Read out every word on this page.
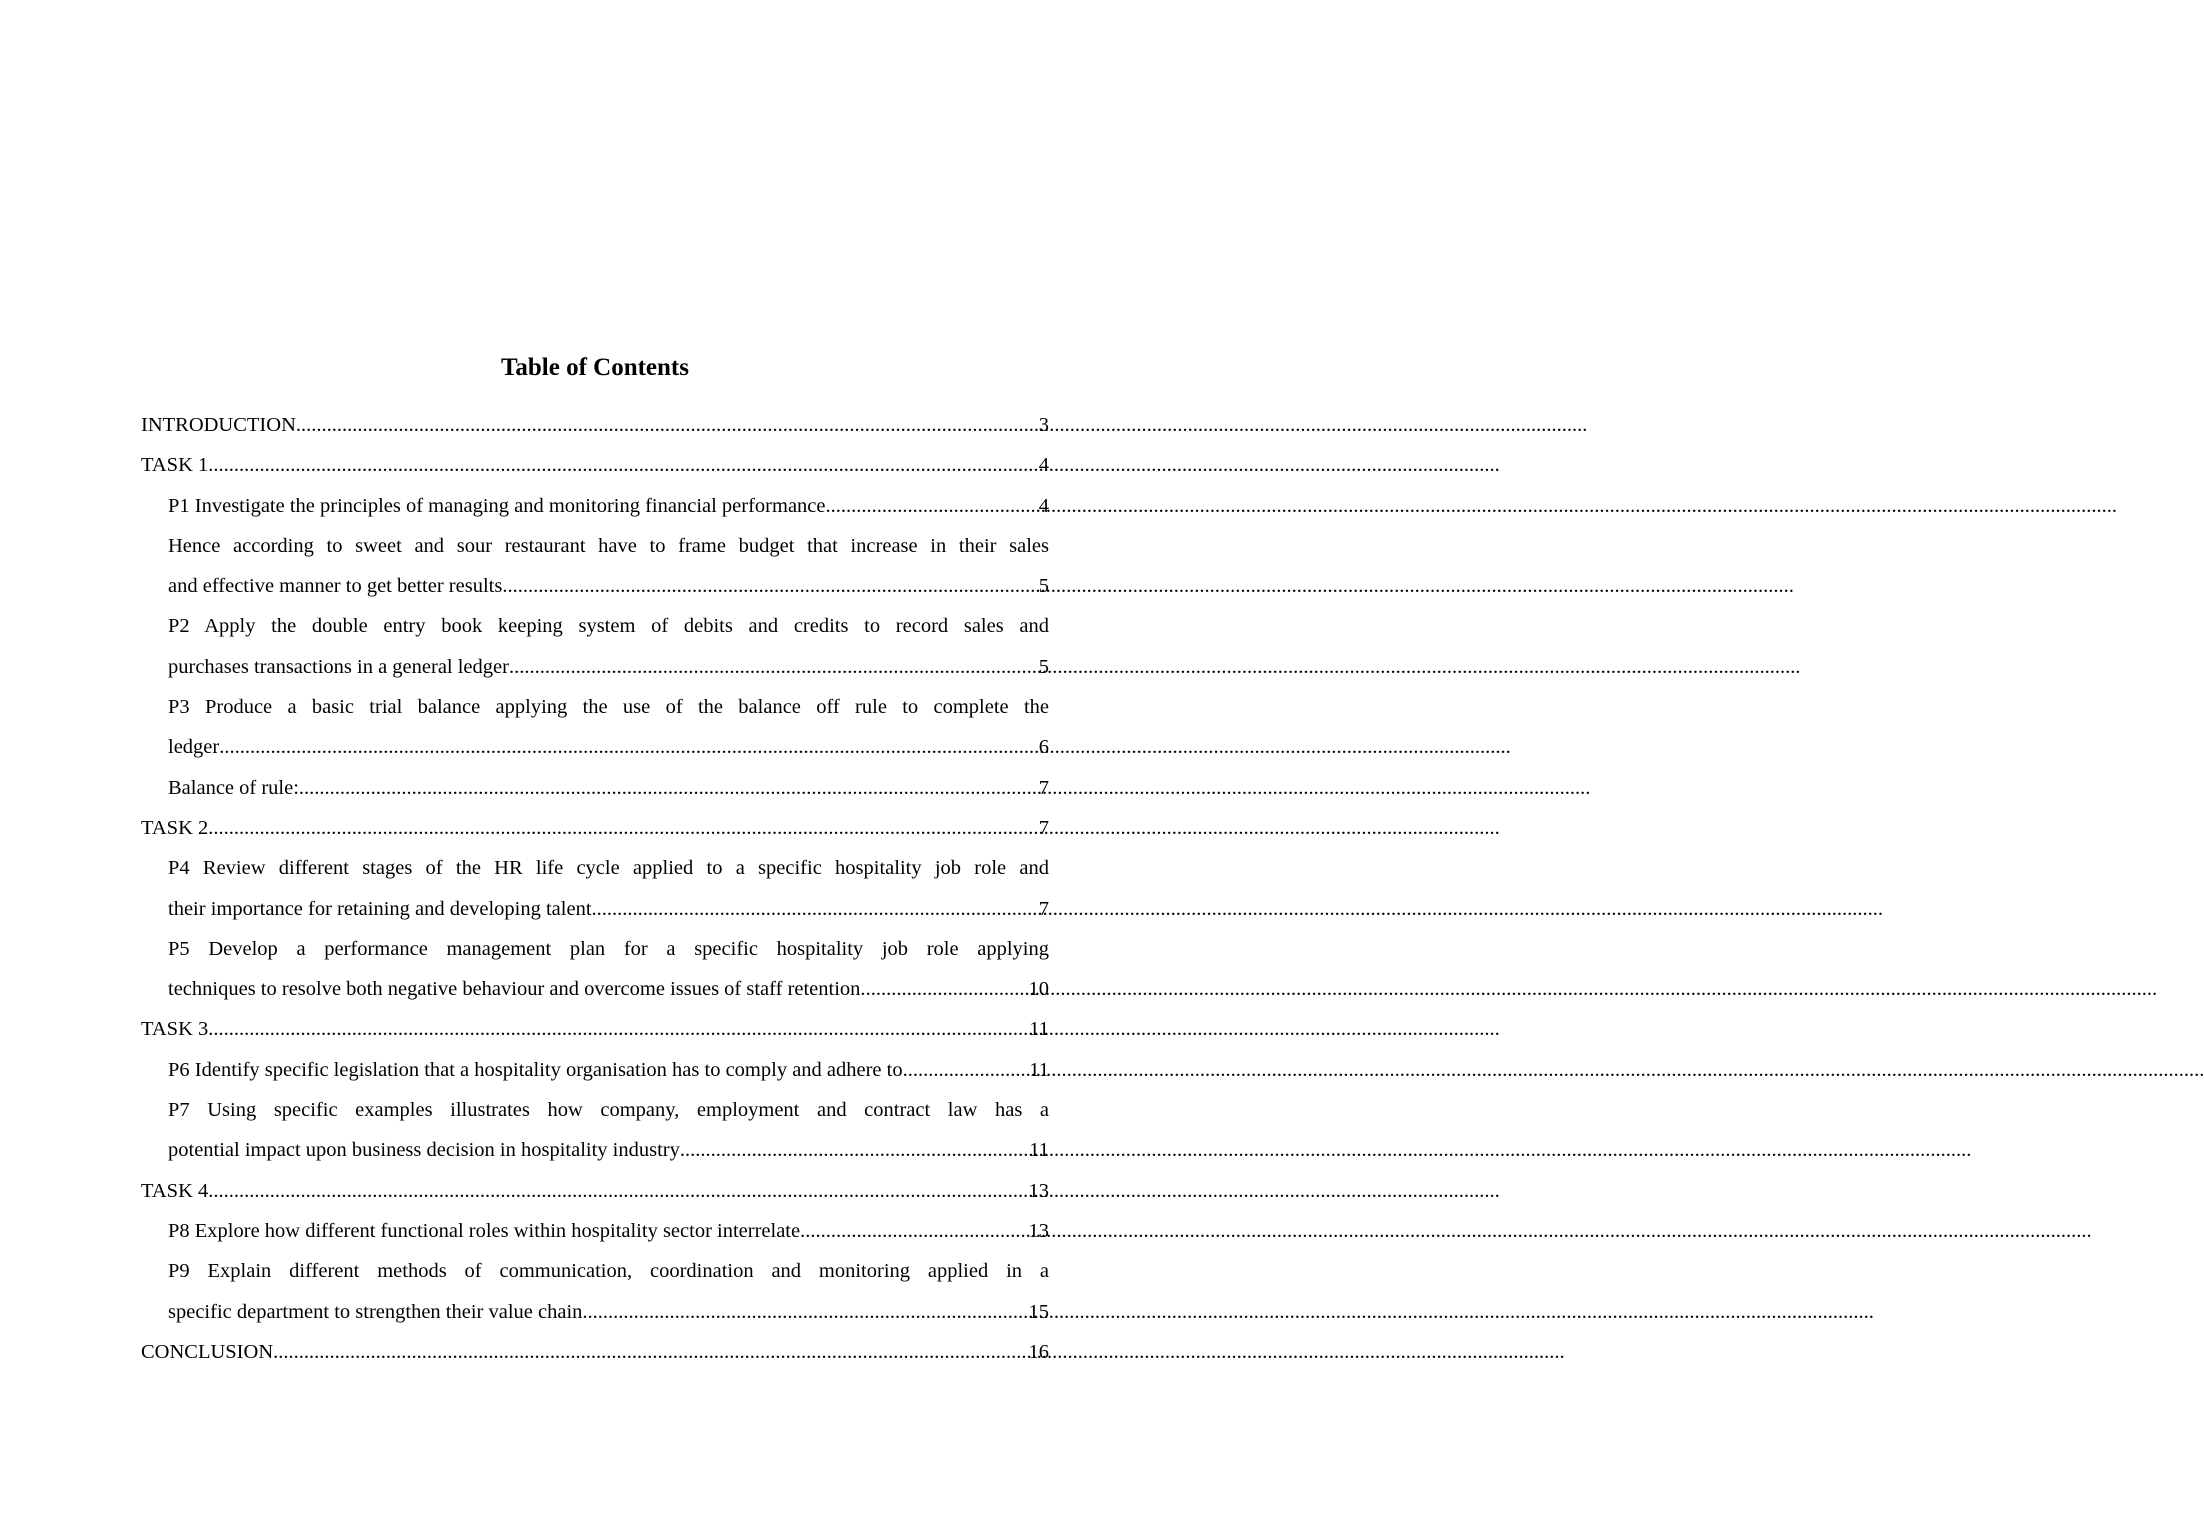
Table of Contents
INTRODUCTION .....	3
TASK 1 .....	4
P1 Investigate the principles of managing and monitoring financial performance .....	4
Hence according to sweet and sour restaurant have to frame budget that increase in their sales
and effective manner to get better results .....	5
P2 Apply the double entry book keeping system of debits and credits to record sales and
purchases transactions in a general ledger .....	5
P3 Produce a basic trial balance applying the use of the balance off rule to complete the
ledger .....	6
Balance of rule: .....	7
TASK 2 .....	7
P4 Review different stages of the HR life cycle applied to a specific hospitality job role and
their importance for retaining and developing talent .....	7
P5 Develop a performance management plan for a specific hospitality job role applying
techniques to resolve both negative behaviour and overcome issues of staff retention. .....	10
TASK 3 .....	11
P6 Identify specific legislation that a hospitality organisation has to comply and adhere to.. .....	11
P7 Using specific examples illustrates how company, employment and contract law has a
potential impact upon business decision in hospitality industry .....	11
TASK 4 .....	13
P8 Explore how different functional roles within hospitality sector interrelate .....	13
P9 Explain different methods of communication, coordination and monitoring applied in a
specific department to strengthen their value chain .....	15
CONCLUSION .....	16
